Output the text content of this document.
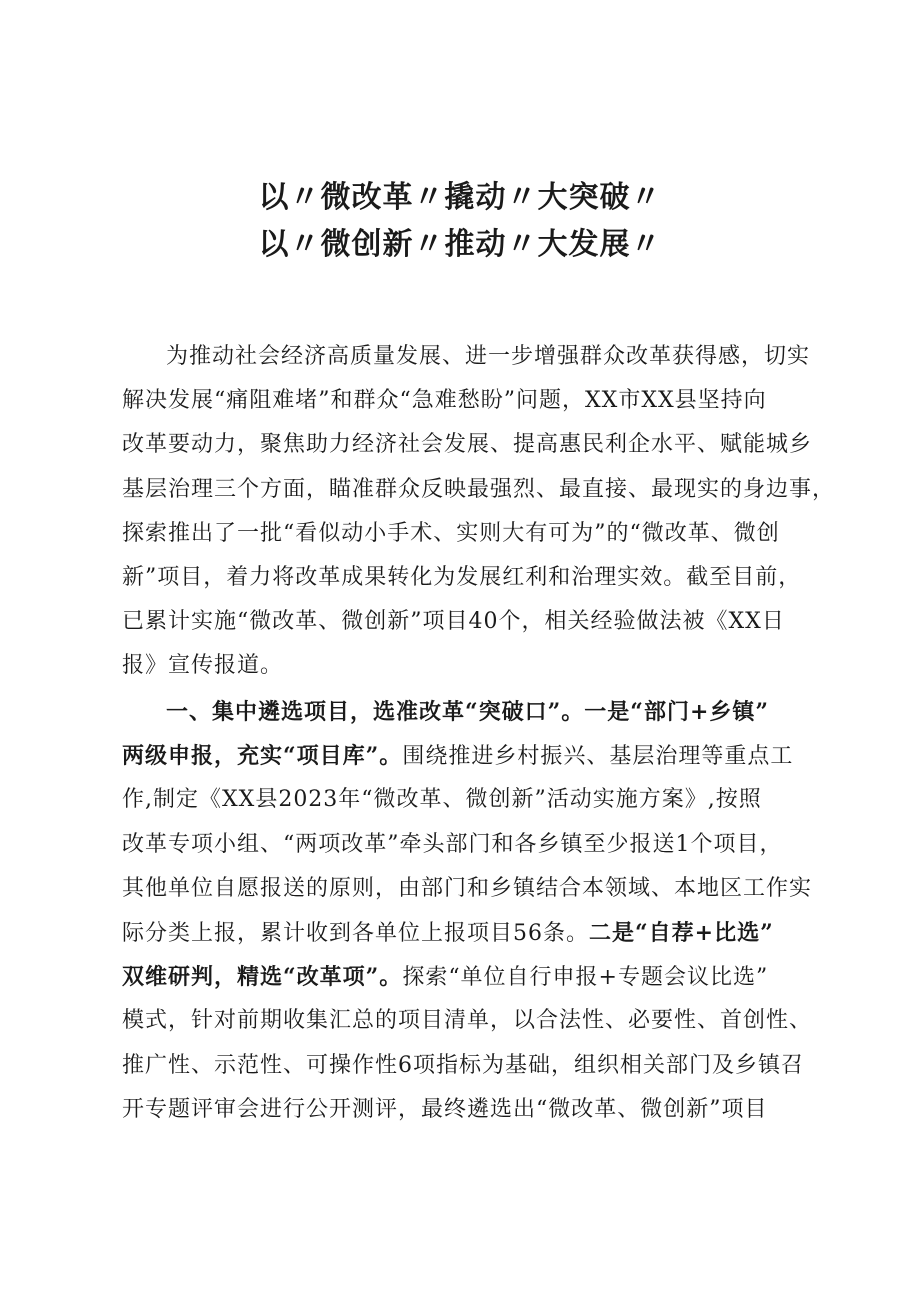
以〃微改革〃撬动〃大突破〃
以〃微创新〃推动〃大发展〃
为推动社会经济高质量发展、进一步增强群众改革获得感，切实
解决发展“痛阻难堵”和群众“急难愁盼”问题，XX市XX县坚持向
改革要动力，聚焦助力经济社会发展、提高惠民利企水平、赋能城乡
基层治理三个方面，瞄准群众反映最强烈、最直接、最现实的身边事，
探索推出了一批“看似动小手术、实则大有可为”的“微改革、微创
新”项目，着力将改革成果转化为发展红利和治理实效。截至目前，
已累计实施“微改革、微创新”项目40个，相关经验做法被《XX日
报》宣传报道。
一、集中遴选项目，选准改革“突破口”。一是“部门+乡镇”
两级申报，充实“项目库”。围绕推进乡村振兴、基层治理等重点工
作,制定《XX县2023年“微改革、微创新”活动实施方案》,按照
改革专项小组、“两项改革”牵头部门和各乡镇至少报送1个项目，
其他单位自愿报送的原则，由部门和乡镇结合本领域、本地区工作实
际分类上报，累计收到各单位上报项目56条。二是“自荐+比选”
双维研判，精选“改革项”。探索“单位自行申报+专题会议比选”
模式，针对前期收集汇总的项目清单，以合法性、必要性、首创性、
推广性、示范性、可操作性6项指标为基础，组织相关部门及乡镇召
开专题评审会进行公开测评，最终遴选出“微改革、微创新”项目
